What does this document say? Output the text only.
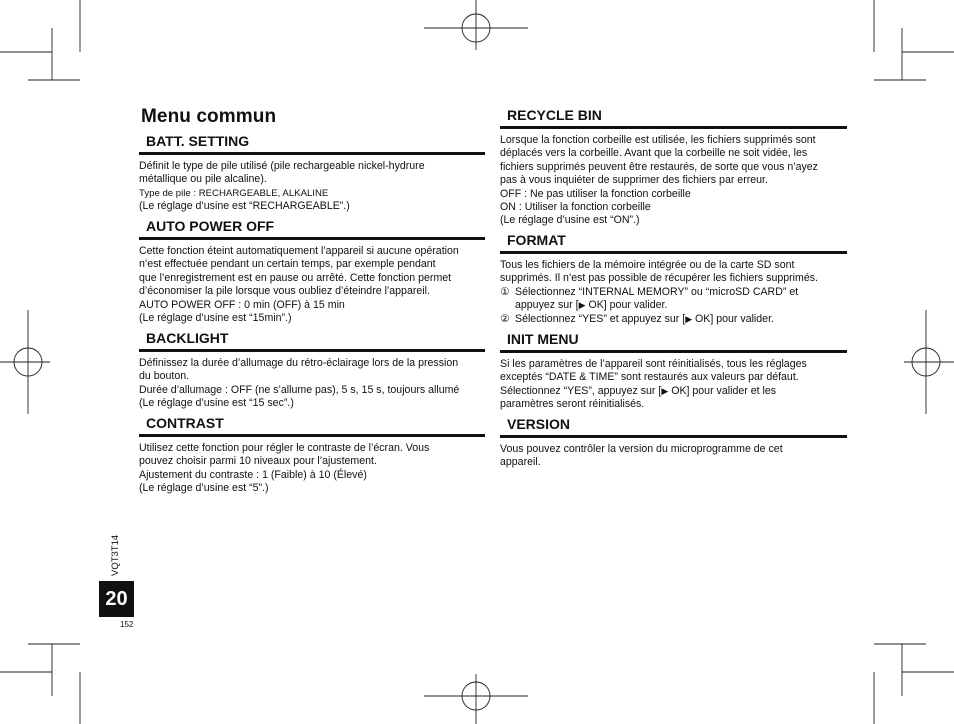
Menu commun
BATT. SETTING

Définit le type de pile utilisé (pile rechargeable nickel-hydrure

métallique ou pile alcaline).

Type de pile : RECHARGEABLE, ALKALINE

(Le réglage d’usine est “RECHARGEABLE”.)

AUTO POWER OFF

Cette fonction éteint automatiquement l’appareil si aucune opération

n’est effectuée pendant un certain temps, par exemple pendant

que l’enregistrement est en pause ou arrêté. Cette fonction permet

d’économiser la pile lorsque vous oubliez d’éteindre l’appareil.

AUTO POWER OFF : 0 min (OFF) à 15 min

(Le réglage d’usine est “15min”.)

BACKLIGHT

Définissez la durée d’allumage du rétro-éclairage lors de la pression

du bouton.

Durée d’allumage : OFF (ne s’allume pas), 5 s, 15 s, toujours allumé

(Le réglage d’usine est “15 sec”.)

CONTRAST

Utilisez cette fonction pour régler le contraste de l’écran. Vous

pouvez choisir parmi 10 niveaux pour l’ajustement.

Ajustement du contraste : 1 (Faible) à 10 (Élevé)

(Le réglage d’usine est “5”.)

RECYCLE BIN

Lorsque la fonction corbeille est utilisée, les fichiers supprimés sont

déplacés vers la corbeille. Avant que la corbeille ne soit vidée, les

fichiers supprimés peuvent être restaurés, de sorte que vous n’ayez

pas à vous inquiéter de supprimer des fichiers par erreur.

OFF : Ne pas utiliser la fonction corbeille

ON : Utiliser la fonction corbeille

(Le réglage d’usine est “ON”.)

FORMAT

Tous les fichiers de la mémoire intégrée ou de la carte SD sont

supprimés. Il n’est pas possible de récupérer les fichiers supprimés.

① Sélectionnez “INTERNAL MEMORY” ou “microSD CARD” et
appuyez sur [▶ OK] pour valider.
② Sélectionnez “YES” et appuyez sur [▶ OK] pour valider.
INIT MENU

Si les paramètres de l’appareil sont réinitialisés, tous les réglages

exceptés “DATE & TIME” sont restaurés aux valeurs par défaut.

Sélectionnez “YES”, appuyez sur [▶ OK] pour valider et les

paramètres seront réinitialisés.

VERSION

Vous pouvez contrôler la version du microprogramme de cet

appareil.

VQT3T14
20
152
